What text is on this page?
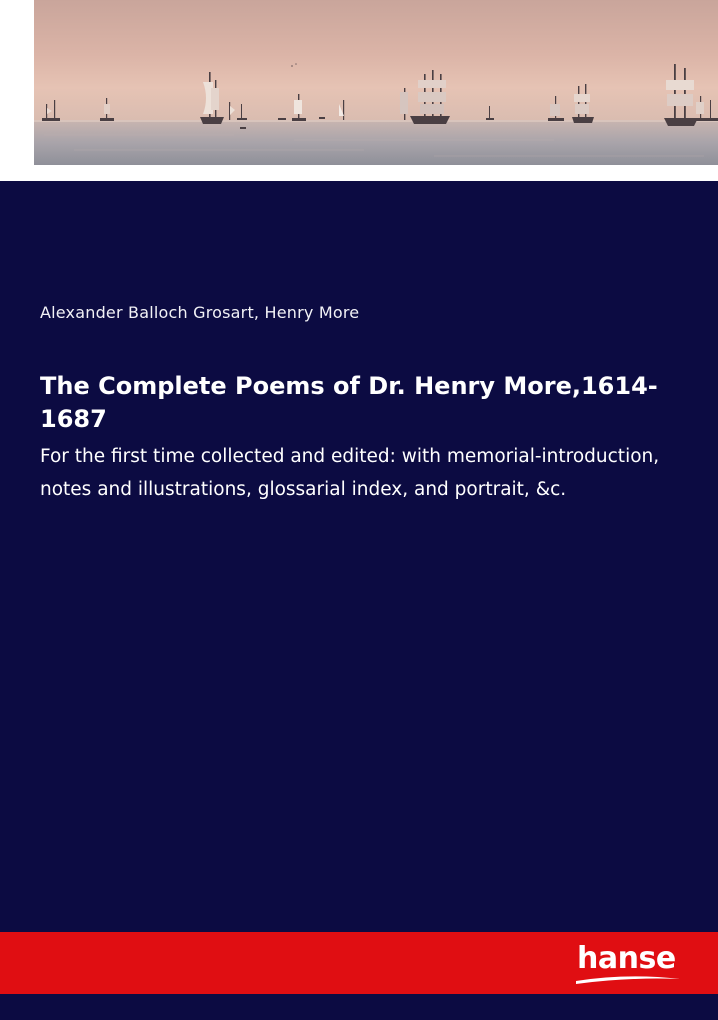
Alexander Balloch Grosart, Henry More
The Complete Poems of Dr. Henry More,1614-1687

For the first time collected and edited: with memorial-introduction, notes and illustrations, glossarial index, and portrait, &c.

hanse
